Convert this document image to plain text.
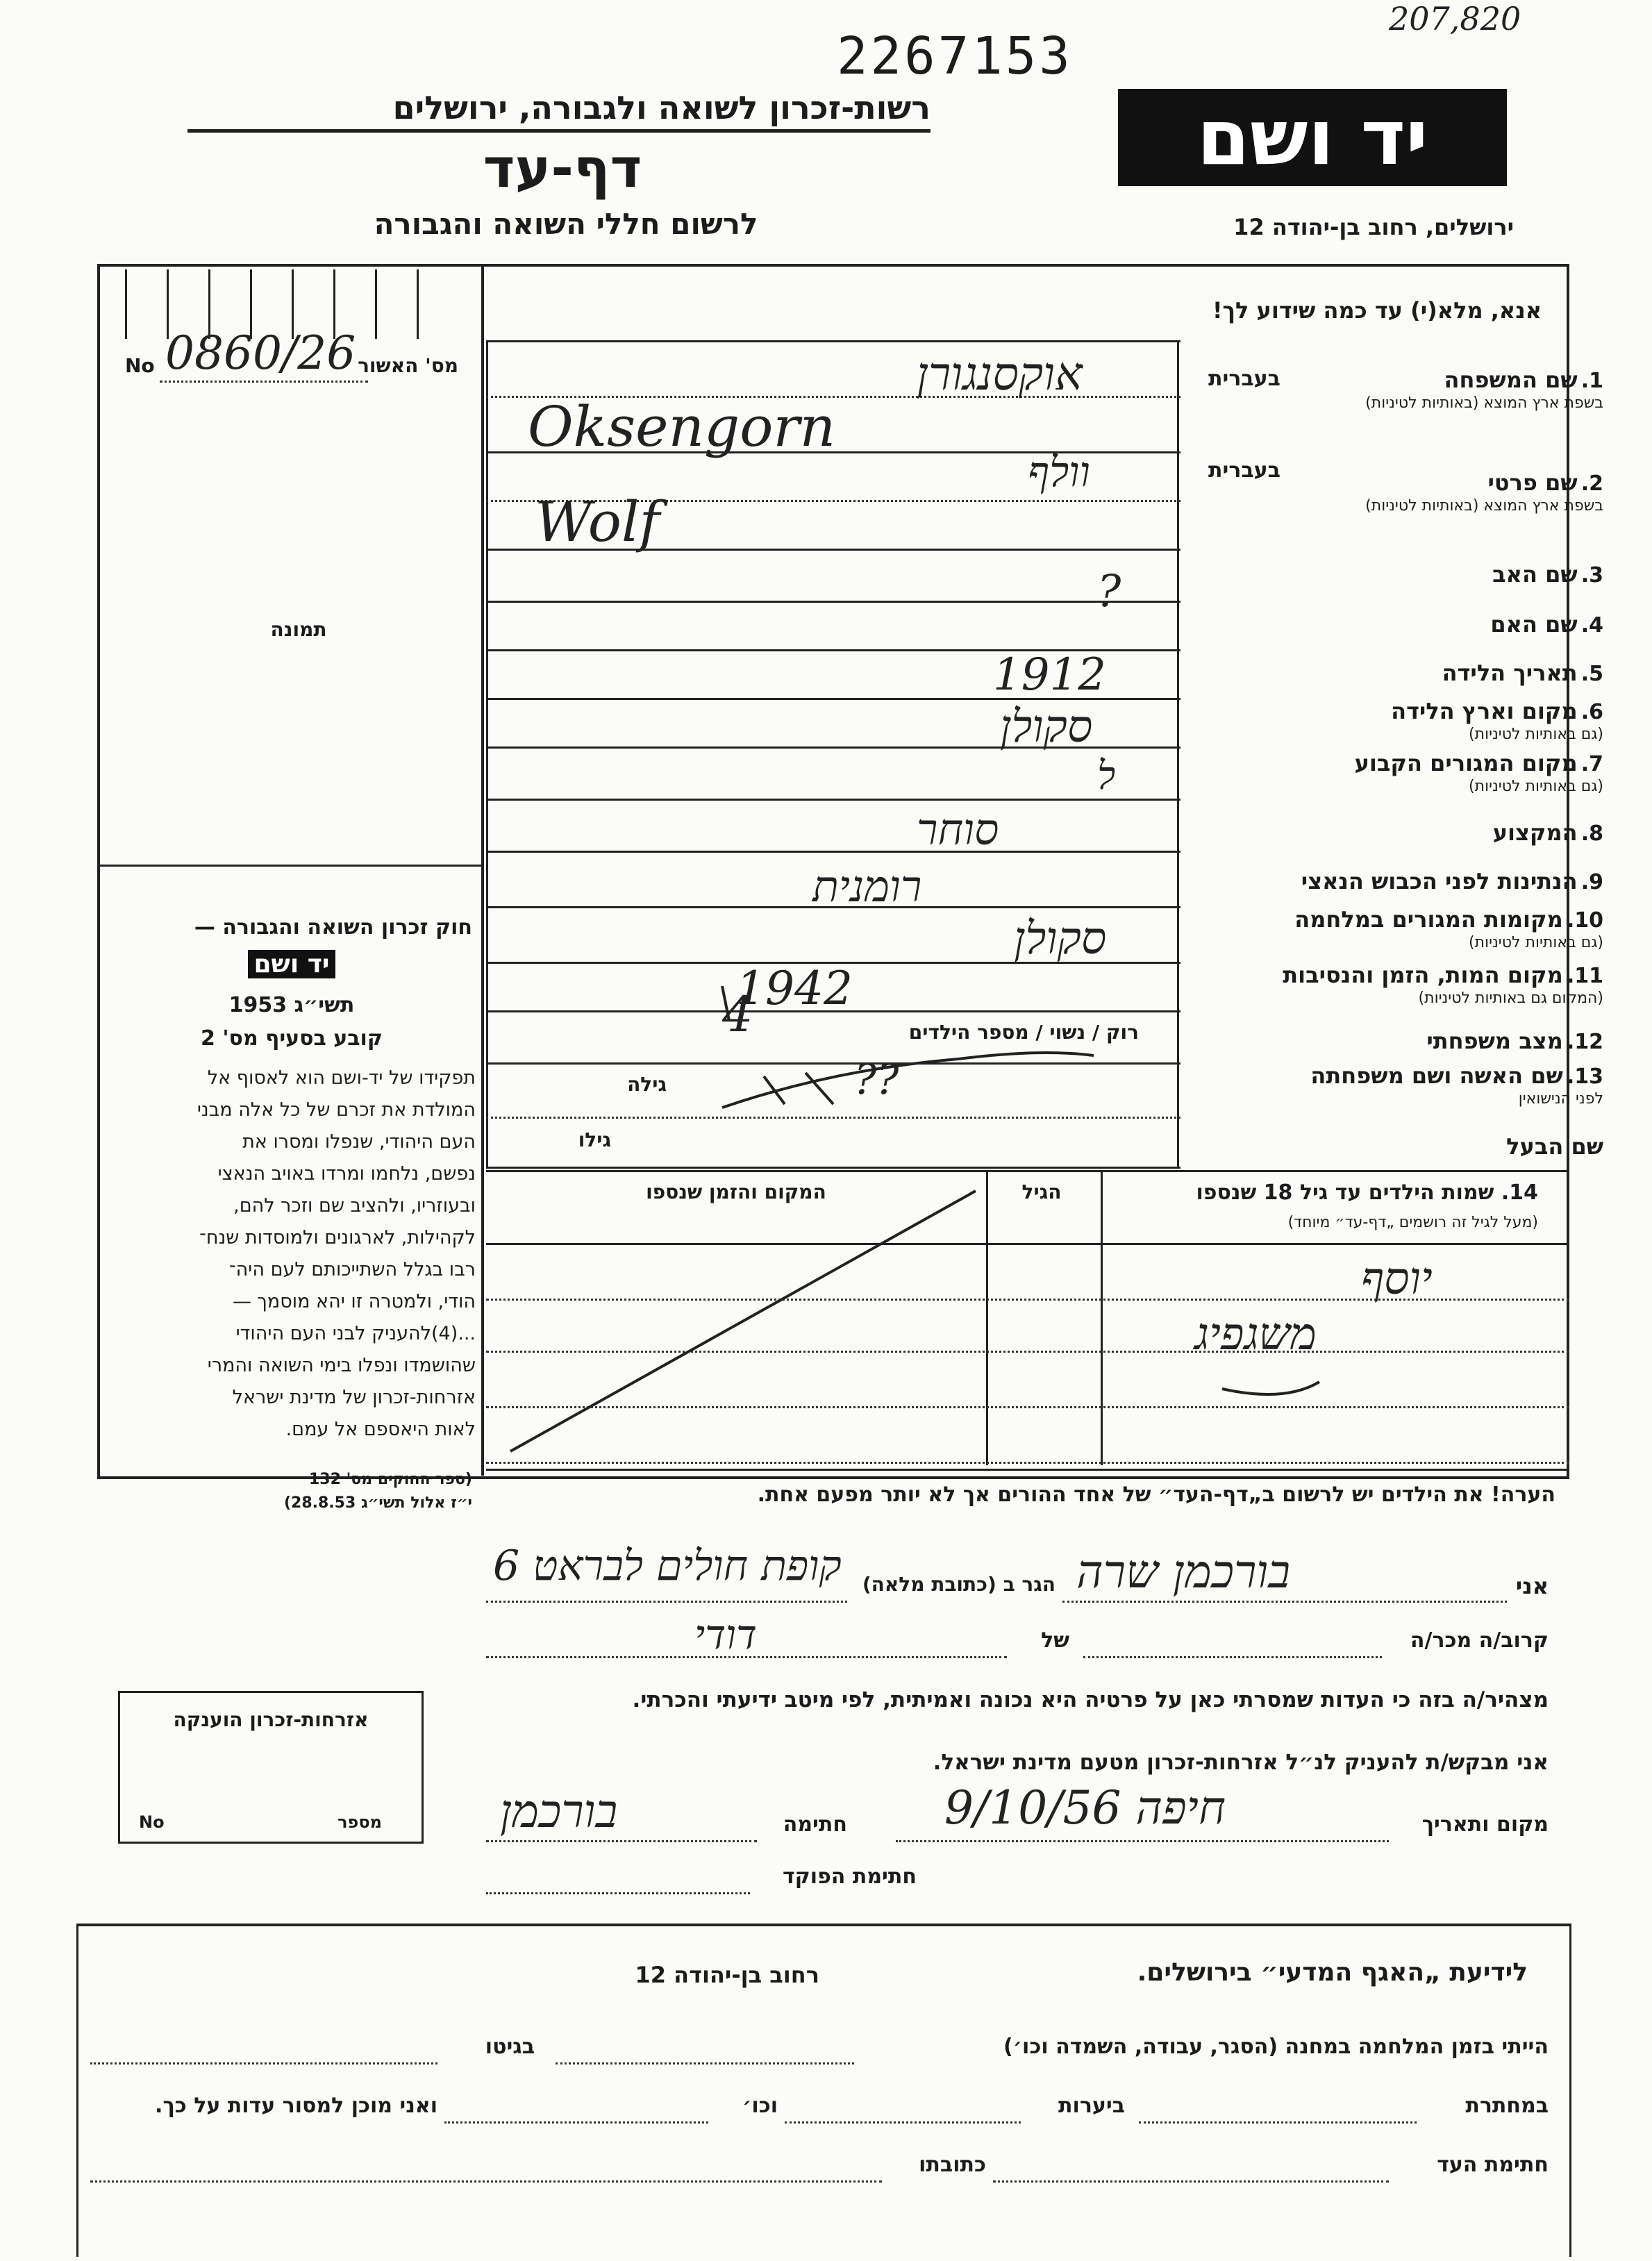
207,820
2267153
רשות-זכרון לשואה ולגבורה, ירושלים
דף-עד
לרשום חללי השואה והגבורה
יד ושם
ירושלים, רחוב בן-יהודה 12
אנא, מלא(י) עד כמה שידוע לך!
No 0860/26 מס' האשור
תמונה
1. שם המשפחה
בשפת ארץ המוצא (באותיות לטיניות)
בעברית
2. שם פרטי
בשפת ארץ המוצא (באותיות לטיניות)
בעברית
3. שם האב
4. שם האם
5. תאריך הלידה
6. מקום וארץ הלידה
(גם באותיות לטיניות)
7. מקום המגורים הקבוע
(גם באותיות לטיניות)
8. המקצוע
9. הנתינות לפני הכבוש הנאצי
10. מקומות המגורים במלחמה
(גם באותיות לטיניות)
11. מקום המות, הזמן והנסיבות
(המקום גם באותיות לטיניות)
12. מצב משפחתי
13. שם האשה ושם משפחתה
לפני הנישואין
שם הבעל
אוקסנגורן
Oksengorn
וולף
Wolf
?
1912
סקולן
ל
סוחר
רומנית
סקולן
1942
רוק / נשוי / מספר הילדים
4
גילה	??
גילו
חוק זכרון השואה והגבורה —
יד ושם
תשי״ג 1953
קובע בסעיף מס' 2
תפקידו של יד-ושם הוא לאסוף אל
המולדת את זכרם של כל אלה מבני
העם היהודי, שנפלו ומסרו את
נפשם, נלחמו ומרדו באויב הנאצי
ובעוזריו, ולהציב שם וזכר להם,
לקהילות, לארגונים ולמוסדות שנח־
רבו בגלל השתייכותם לעם היה־
הודי, ולמטרה זו יהא מוסמך —
...(4)להעניק לבני העם היהודי
שהושמדו ונפלו בימי השואה והמרי
אזרחות-זכרון של מדינת ישראל
לאות היאספם אל עמם.
(ספר החוקים מס' 132
י״ז אלול תשי״ג 28.8.53)
14. שמות הילדים עד גיל 18 שנספו
(מעל לגיל זה רושמים „דף-עד״ מיוחד)
הגיל
המקום והזמן שנספו
יוסף
משגפיג
הערה! את הילדים יש לרשום ב„דף-העד״ של אחד ההורים אך לא יותר מפעם אחת.
אני
בורכמן שרה
הגר ב (כתובת מלאה)
קופת חולים לבראט 6
קרוב/ה מכר/ה
של
דודי
מצהיר/ה בזה כי העדות שמסרתי כאן על פרטיה היא נכונה ואמיתית, לפי מיטב ידיעתי והכרתי.
אני מבקש/ת להעניק לנ״ל אזרחות-זכרון מטעם מדינת ישראל.
מקום ותאריך
חיפה 9/10/56
חתימה
בורכמן
חתימת הפוקד
אזרחות-זכרון הוענקה
מספר
No
לידיעת „האגף המדעי״ בירושלים.
רחוב בן-יהודה 12
הייתי בזמן המלחמה במחנה (הסגר, עבודה, השמדה וכו׳)
בגיטו
במחתרת
ביערות
וכו׳
ואני מוכן למסור עדות על כך.
חתימת העד
כתובתו
